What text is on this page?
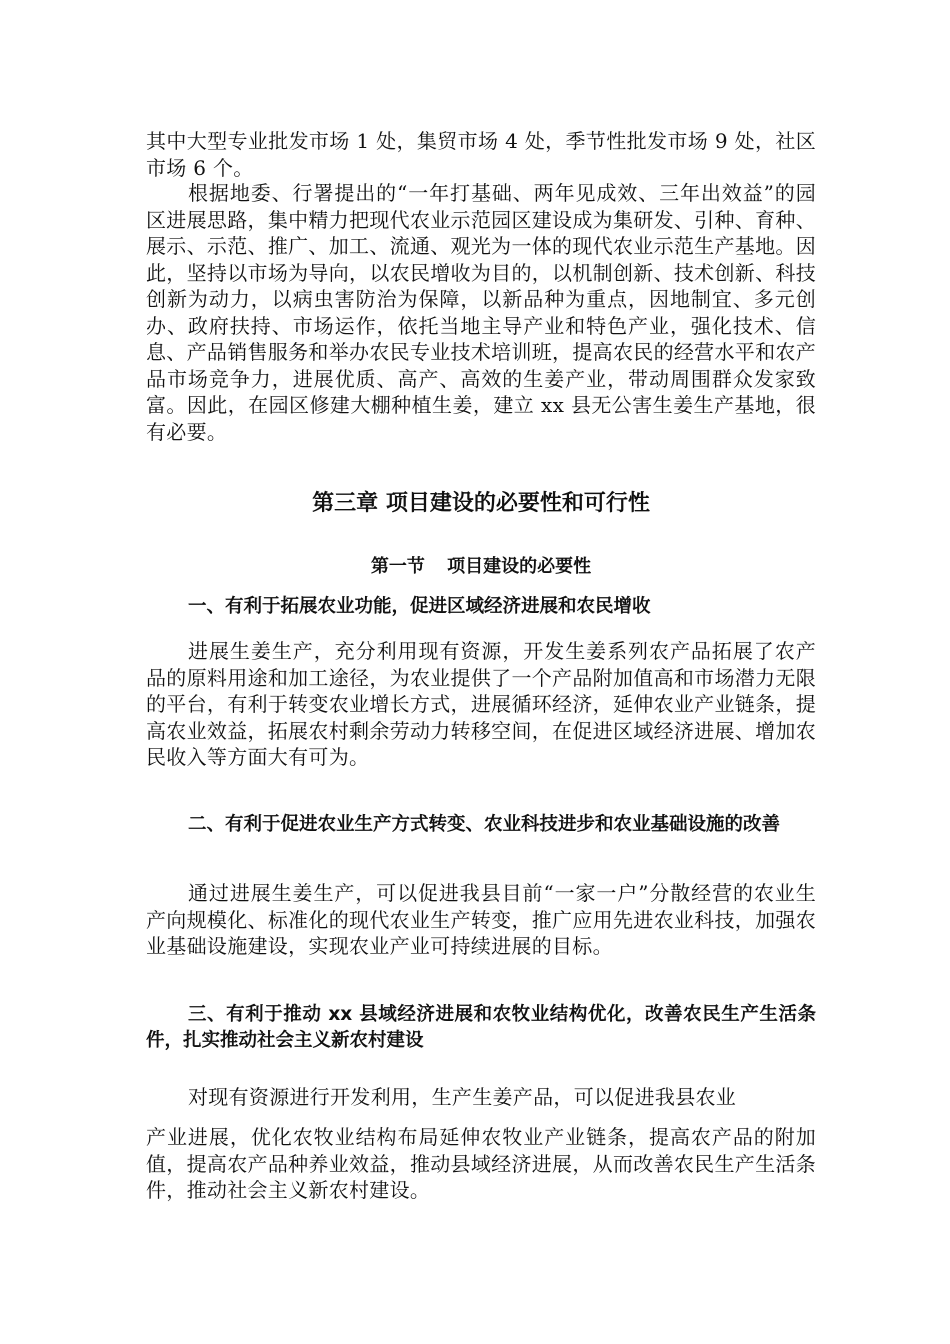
其中大型专业批发市场 1 处，集贸市场 4 处，季节性批发市场 9 处，社区市场 6 个。

根据地委、行署提出的“一年打基础、两年见成效、三年出效益”的园区进展思路，集中精力把现代农业示范园区建设成为集研发、引种、育种、展示、示范、推广、加工、流通、观光为一体的现代农业示范生产基地。因此，坚持以市场为导向，以农民增收为目的，以机制创新、技术创新、科技创新为动力，以病虫害防治为保障，以新品种为重点，因地制宜、多元创办、政府扶持、市场运作，依托当地主导产业和特色产业，强化技术、信息、产品销售服务和举办农民专业技术培训班，提高农民的经营水平和农产品市场竞争力，进展优质、高产、高效的生姜产业，带动周围群众发家致富。因此，在园区修建大棚种植生姜，建立 xx 县无公害生姜生产基地，很有必要。

第三章 项目建设的必要性和可行性
第一节 项目建设的必要性
一、有利于拓展农业功能，促进区域经济进展和农民增收

进展生姜生产，充分利用现有资源，开发生姜系列农产品拓展了农产品的原料用途和加工途径，为农业提供了一个产品附加值高和市场潜力无限的平台，有利于转变农业增长方式，进展循环经济，延伸农业产业链条，提高农业效益，拓展农村剩余劳动力转移空间，在促进区域经济进展、增加农民收入等方面大有可为。

二、有利于促进农业生产方式转变、农业科技进步和农业基础设施的改善

通过进展生姜生产，可以促进我县目前“一家一户”分散经营的农业生产向规模化、标准化的现代农业生产转变，推广应用先进农业科技，加强农业基础设施建设，实现农业产业可持续进展的目标。

三、有利于推动 xx 县域经济进展和农牧业结构优化，改善农民生产生活条件，扎实推动社会主义新农村建设

对现有资源进行开发利用，生产生姜产品，可以促进我县农业

产业进展，优化农牧业结构布局延伸农牧业产业链条，提高农产品的附加值，提高农产品种养业效益，推动县域经济进展，从而改善农民生产生活条件，推动社会主义新农村建设。
